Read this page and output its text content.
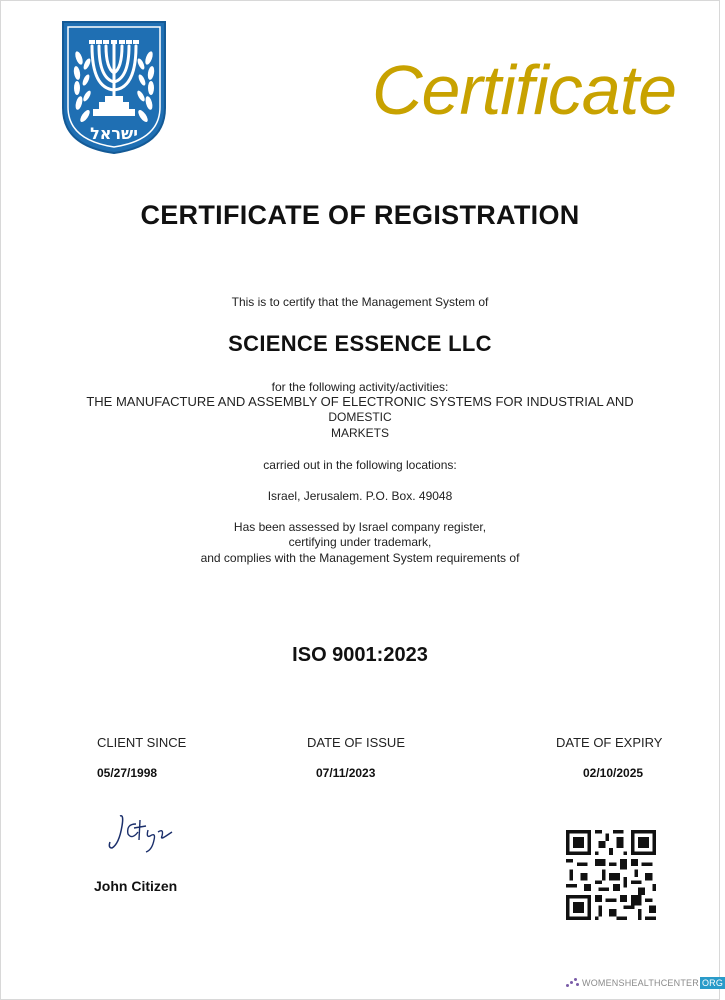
ישראל
Certificate
CERTIFICATE OF REGISTRATION
This is to certify that the Management System of
SCIENCE ESSENCE LLC
for the following activity/activities:
THE MANUFACTURE AND ASSEMBLY OF ELECTRONIC SYSTEMS FOR INDUSTRIAL AND
DOMESTIC
MARKETS
carried out in the following locations:
Israel, Jerusalem. P.O. Box. 49048
Has been assessed by Israel company register,
certifying under trademark,
and complies with the Management System requirements of
ISO 9001:2023
CLIENT SINCE	DATE OF ISSUE	DATE OF EXPIRY
05/27/1998	07/11/2023	02/10/2025
John Citizen
WOMENSHEALTHCENTER ORG
